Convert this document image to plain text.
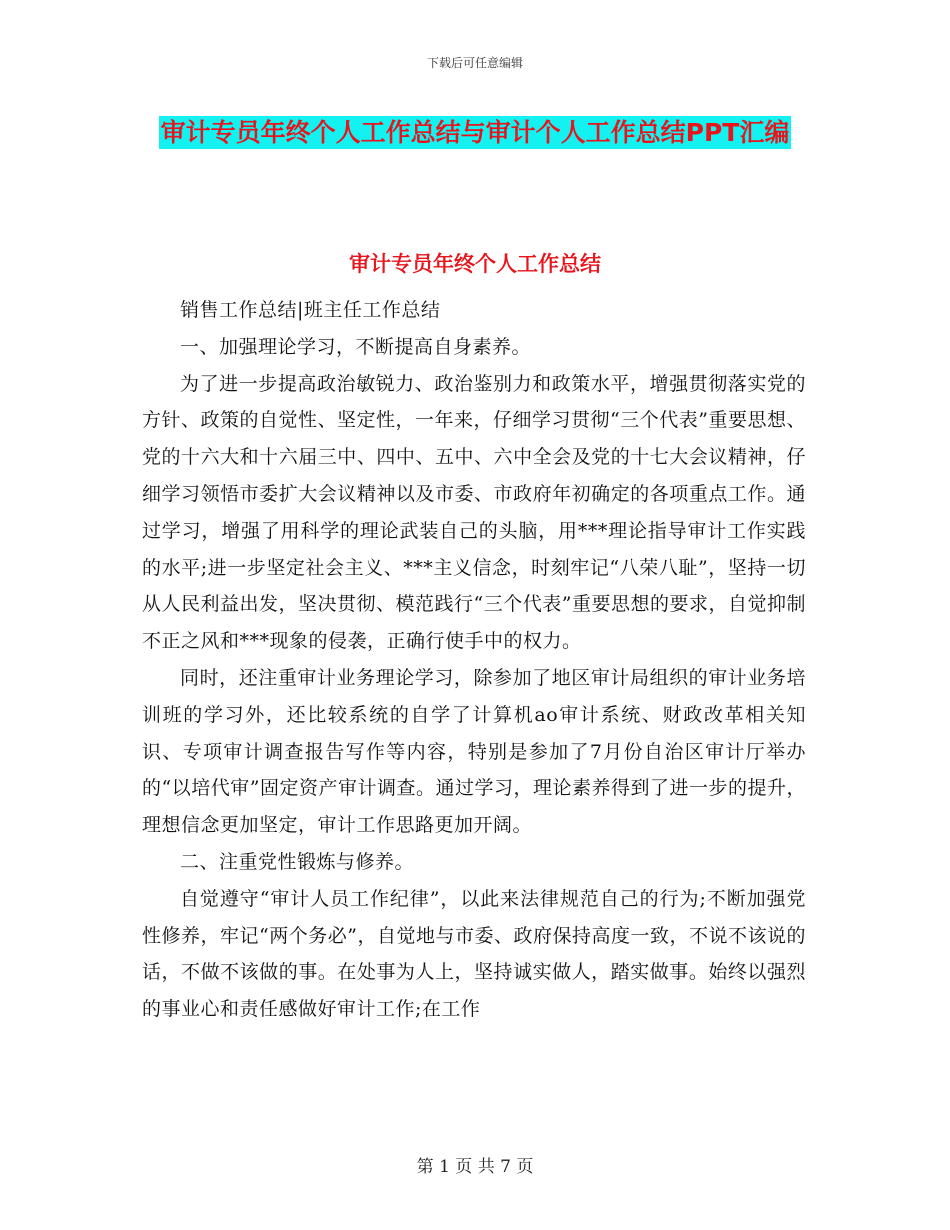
下载后可任意编辑
审计专员年终个人工作总结与审计个人工作总结PPT汇编
审计专员年终个人工作总结

销售工作总结|班主任工作总结

一、加强理论学习，不断提高自身素养。

为了进一步提高政治敏锐力、政治鉴别力和政策水平，增强贯彻落实党的方针、政策的自觉性、坚定性，一年来，仔细学习贯彻“三个代表”重要思想、党的十六大和十六届三中、四中、五中、六中全会及党的十七大会议精神，仔细学习领悟市委扩大会议精神以及市委、市政府年初确定的各项重点工作。通过学习，增强了用科学的理论武装自己的头脑，用***理论指导审计工作实践的水平;进一步坚定社会主义、***主义信念，时刻牢记“八荣八耻”，坚持一切从人民利益出发，坚决贯彻、模范践行“三个代表”重要思想的要求，自觉抑制不正之风和***现象的侵袭，正确行使手中的权力。

同时，还注重审计业务理论学习，除参加了地区审计局组织的审计业务培训班的学习外，还比较系统的自学了计算机ao审计系统、财政改革相关知识、专项审计调查报告写作等内容，特别是参加了7月份自治区审计厅举办的“以培代审”固定资产审计调查。通过学习，理论素养得到了进一步的提升，理想信念更加坚定，审计工作思路更加开阔。

二、注重党性锻炼与修养。

自觉遵守“审计人员工作纪律”，以此来法律规范自己的行为;不断加强党性修养，牢记“两个务必”，自觉地与市委、政府保持高度一致，不说不该说的话，不做不该做的事。在处事为人上，坚持诚实做人，踏实做事。始终以强烈的事业心和责任感做好审计工作;在工作

第 1 页 共 7 页
